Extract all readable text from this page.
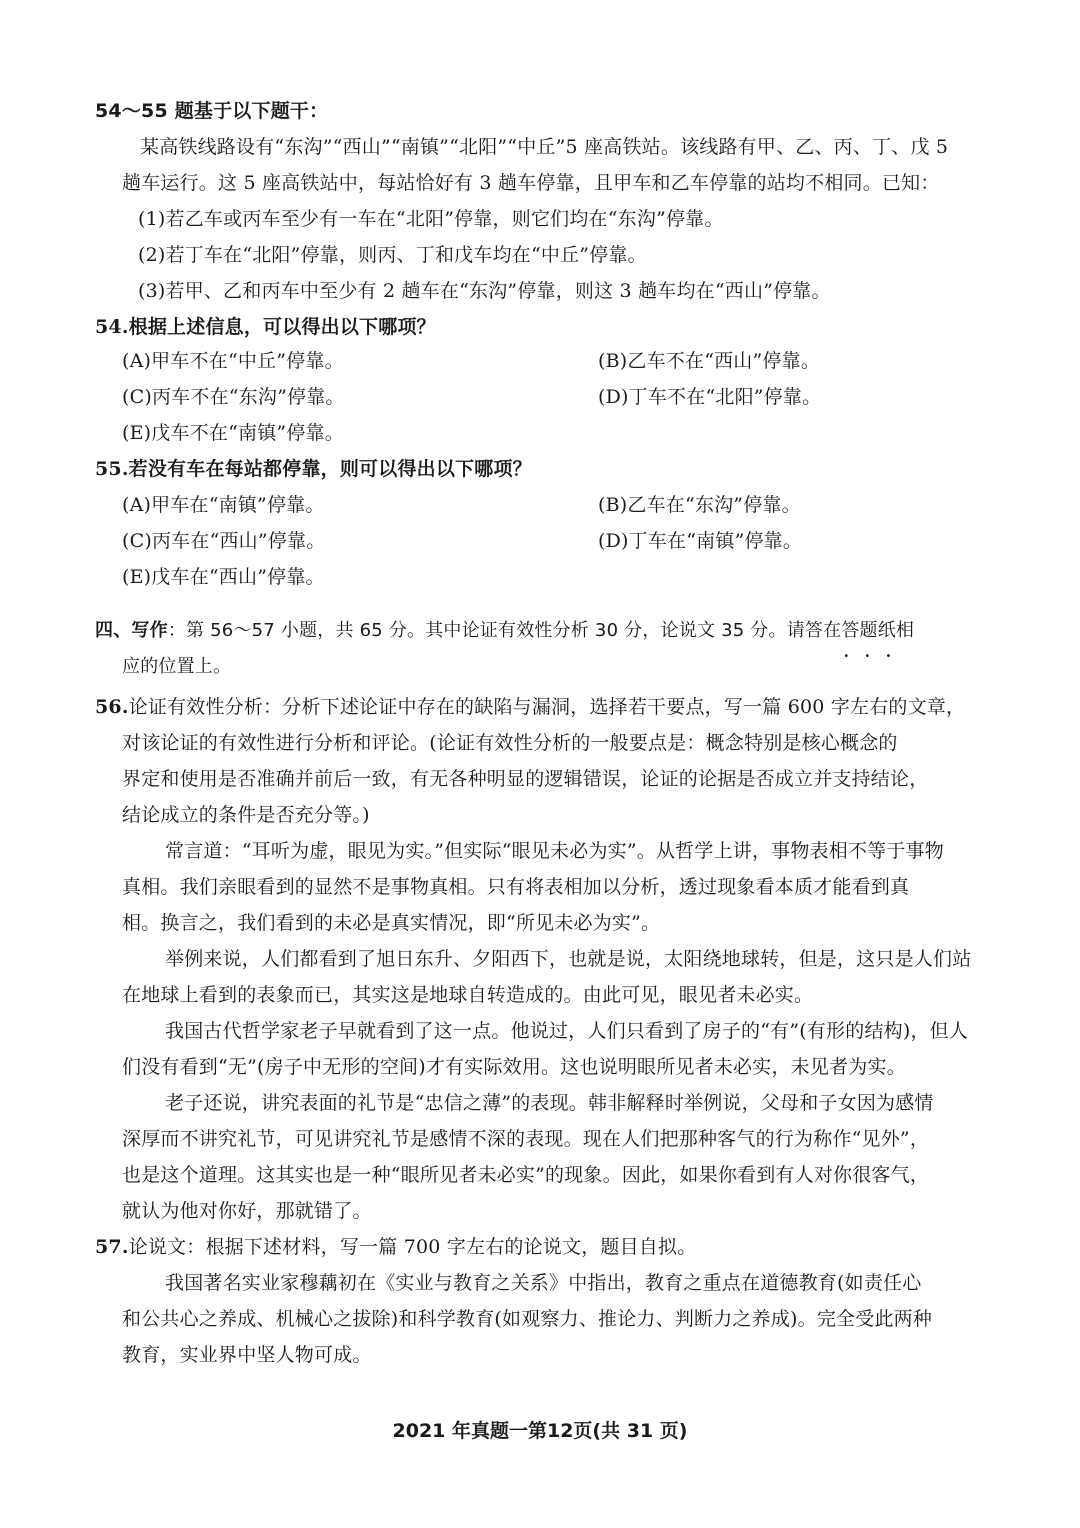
54～55 题基于以下题干：
某高铁线路设有“东沟”“西山”“南镇”“北阳”“中丘”5 座高铁站。该线路有甲、乙、丙、丁、戊 5
趟车运行。这 5 座高铁站中，每站恰好有 3 趟车停靠，且甲车和乙车停靠的站均不相同。已知：
(1)若乙车或丙车至少有一车在“北阳”停靠，则它们均在“东沟”停靠。
(2)若丁车在“北阳”停靠，则丙、丁和戊车均在“中丘”停靠。
(3)若甲、乙和丙车中至少有 2 趟车在“东沟”停靠，则这 3 趟车均在“西山”停靠。
54.根据上述信息，可以得出以下哪项？
(A)甲车不在“中丘”停靠。	(B)乙车不在“西山”停靠。
(C)丙车不在“东沟”停靠。	(D)丁车不在“北阳”停靠。
(E)戊车不在“南镇”停靠。
55.若没有车在每站都停靠，则可以得出以下哪项？
(A)甲车在“南镇”停靠。	(B)乙车在“东沟”停靠。
(C)丙车在“西山”停靠。	(D)丁车在“南镇”停靠。
(E)戊车在“西山”停靠。
四、写作：第 56～57 小题，共 65 分。其中论证有效性分析 30 分，论说文 35 分。请答在答题纸 • • •相
应的位置上。
56.论证有效性分析：分析下述论证中存在的缺陷与漏洞，选择若干要点，写一篇 600 字左右的文章，
对该论证的有效性进行分析和评论。(论证有效性分析的一般要点是：概念特别是核心概念的
界定和使用是否准确并前后一致，有无各种明显的逻辑错误，论证的论据是否成立并支持结论，
结论成立的条件是否充分等。)
常言道：“耳听为虚，眼见为实。”但实际“眼见未必为实”。从哲学上讲，事物表相不等于事物
真相。我们亲眼看到的显然不是事物真相。只有将表相加以分析，透过现象看本质才能看到真
相。换言之，我们看到的未必是真实情况，即“所见未必为实”。
举例来说，人们都看到了旭日东升、夕阳西下，也就是说，太阳绕地球转，但是，这只是人们站
在地球上看到的表象而已，其实这是地球自转造成的。由此可见，眼见者未必实。
我国古代哲学家老子早就看到了这一点。他说过，人们只看到了房子的“有”(有形的结构)，但人
们没有看到“无”(房子中无形的空间)才有实际效用。这也说明眼所见者未必实，未见者为实。
老子还说，讲究表面的礼节是“忠信之薄”的表现。韩非解释时举例说，父母和子女因为感情
深厚而不讲究礼节，可见讲究礼节是感情不深的表现。现在人们把那种客气的行为称作“见外”，
也是这个道理。这其实也是一种“眼所见者未必实”的现象。因此，如果你看到有人对你很客气，
就认为他对你好，那就错了。
57.论说文：根据下述材料，写一篇 700 字左右的论说文，题目自拟。
我国著名实业家穆藕初在《实业与教育之关系》中指出，教育之重点在道德教育(如责任心
和公共心之养成、机械心之拔除)和科学教育(如观察力、推论力、判断力之养成)。完全受此两种
教育，实业界中坚人物可成。
2021 年真题一第12页(共 31 页)
